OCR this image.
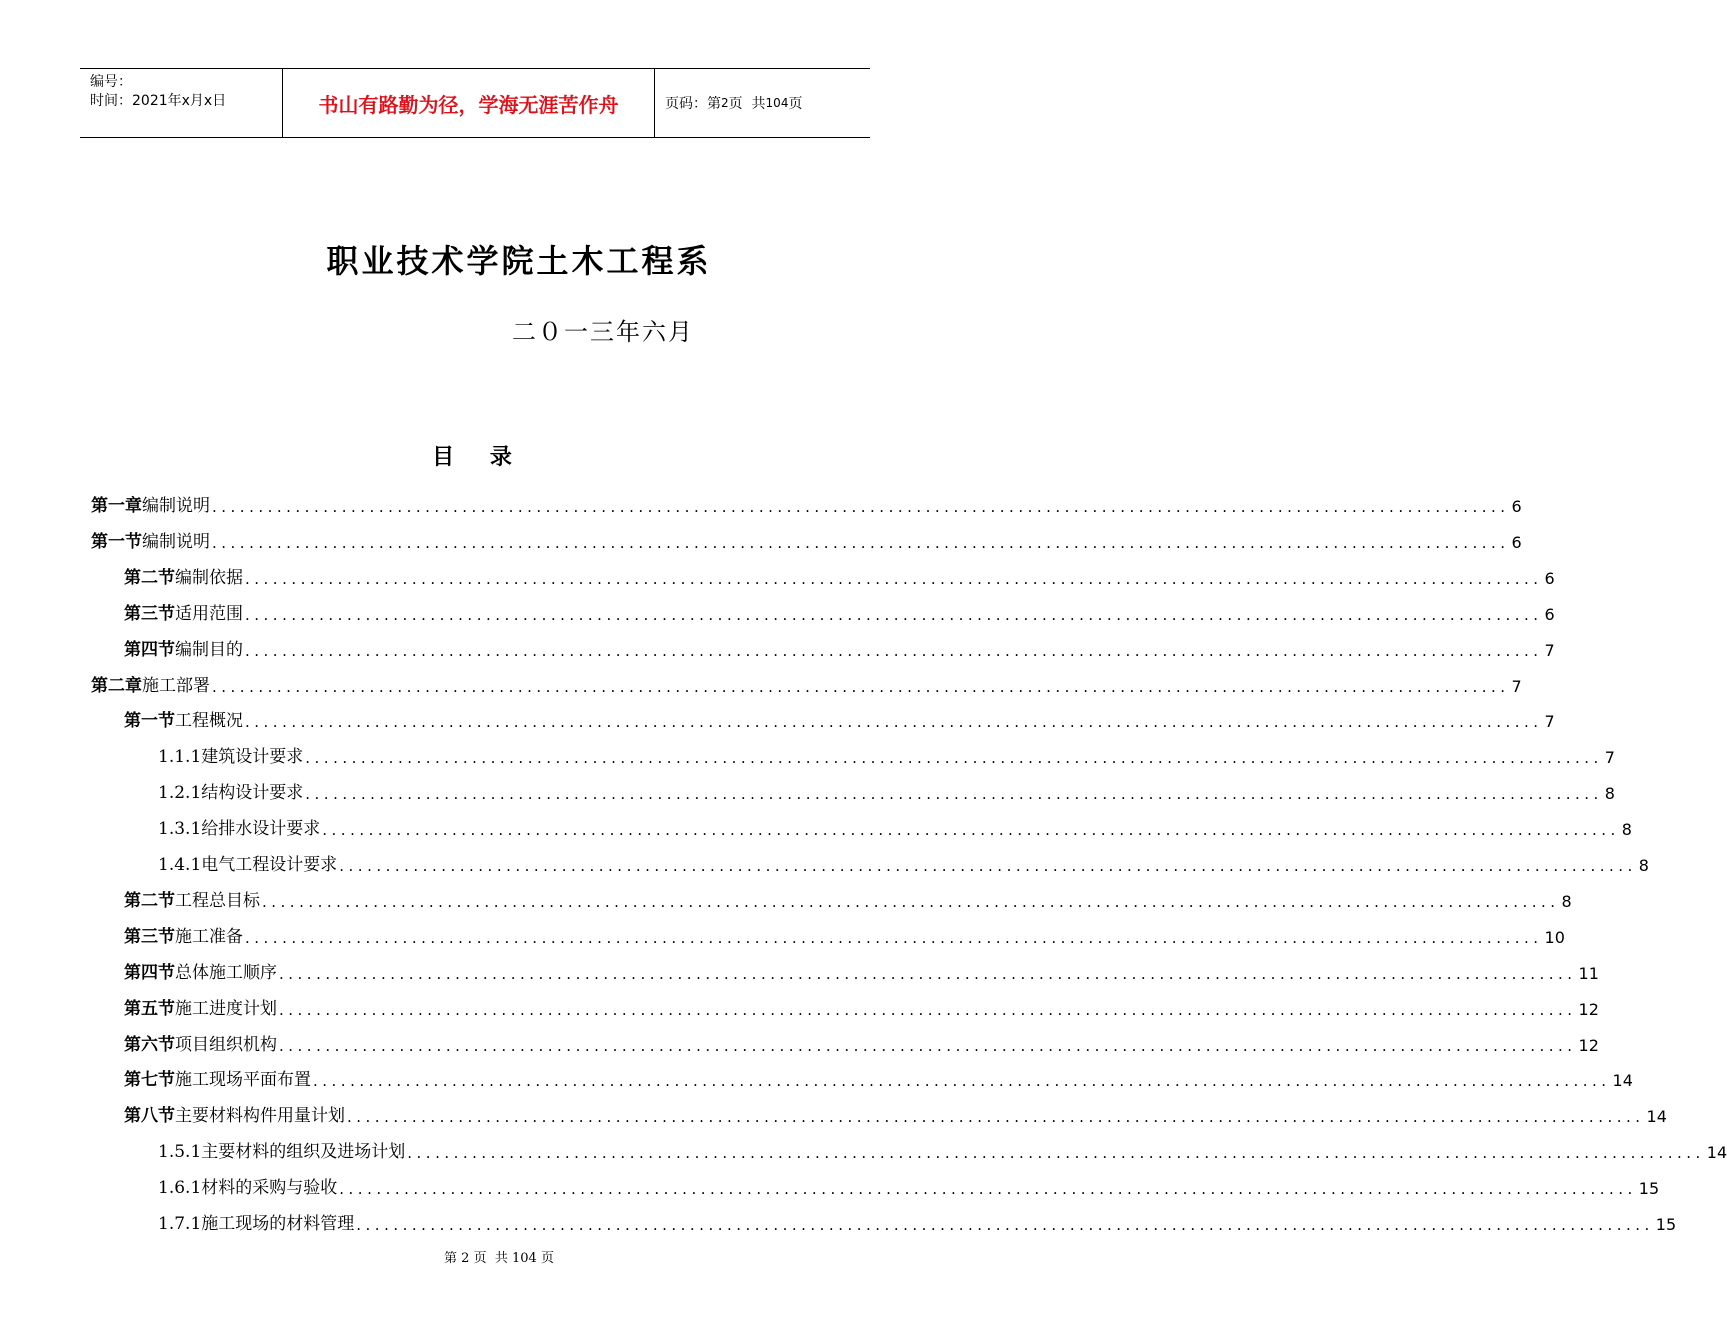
编号：
时间：2021年x月x日	书山有路勤为径，学海无涯苦作舟	页码：第 2 页  共 104 页
职业技术学院土木工程系
二０一三年六月
目 录
第一章 编制说明 ............................................................................................................................................ 6
第一节 编制说明 ............................................................................................................................................ 6
第二节 编制依据 ............................................................................................................................................ 6
第三节 适用范围 ............................................................................................................................................ 6
第四节 编制目的 ............................................................................................................................................ 7
第二章 施工部署 ............................................................................................................................................ 7
第一节 工程概况 ............................................................................................................................................ 7
1.1.1 建筑设计要求 ............................................................................................................................................ 7
1.2.1 结构设计要求 ............................................................................................................................................ 8
1.3.1 给排水设计要求 ............................................................................................................................................ 8
1.4.1 电气工程设计要求 ............................................................................................................................................ 8
第二节 工程总目标 ............................................................................................................................................ 8
第三节 施工准备 ............................................................................................................................................ 10
第四节 总体施工顺序 ............................................................................................................................................ 11
第五节 施工进度计划 ............................................................................................................................................ 12
第六节 项目组织机构 ............................................................................................................................................ 12
第七节 施工现场平面布置 ............................................................................................................................................ 14
第八节 主要材料构件用量计划 ............................................................................................................................................ 14
1.5.1 主要材料的组织及进场计划 ............................................................................................................................................ 14
1.6.1 材料的采购与验收 ............................................................................................................................................ 15
1.7.1 施工现场的材料管理 ............................................................................................................................................ 15
第 2 页  共 104 页
